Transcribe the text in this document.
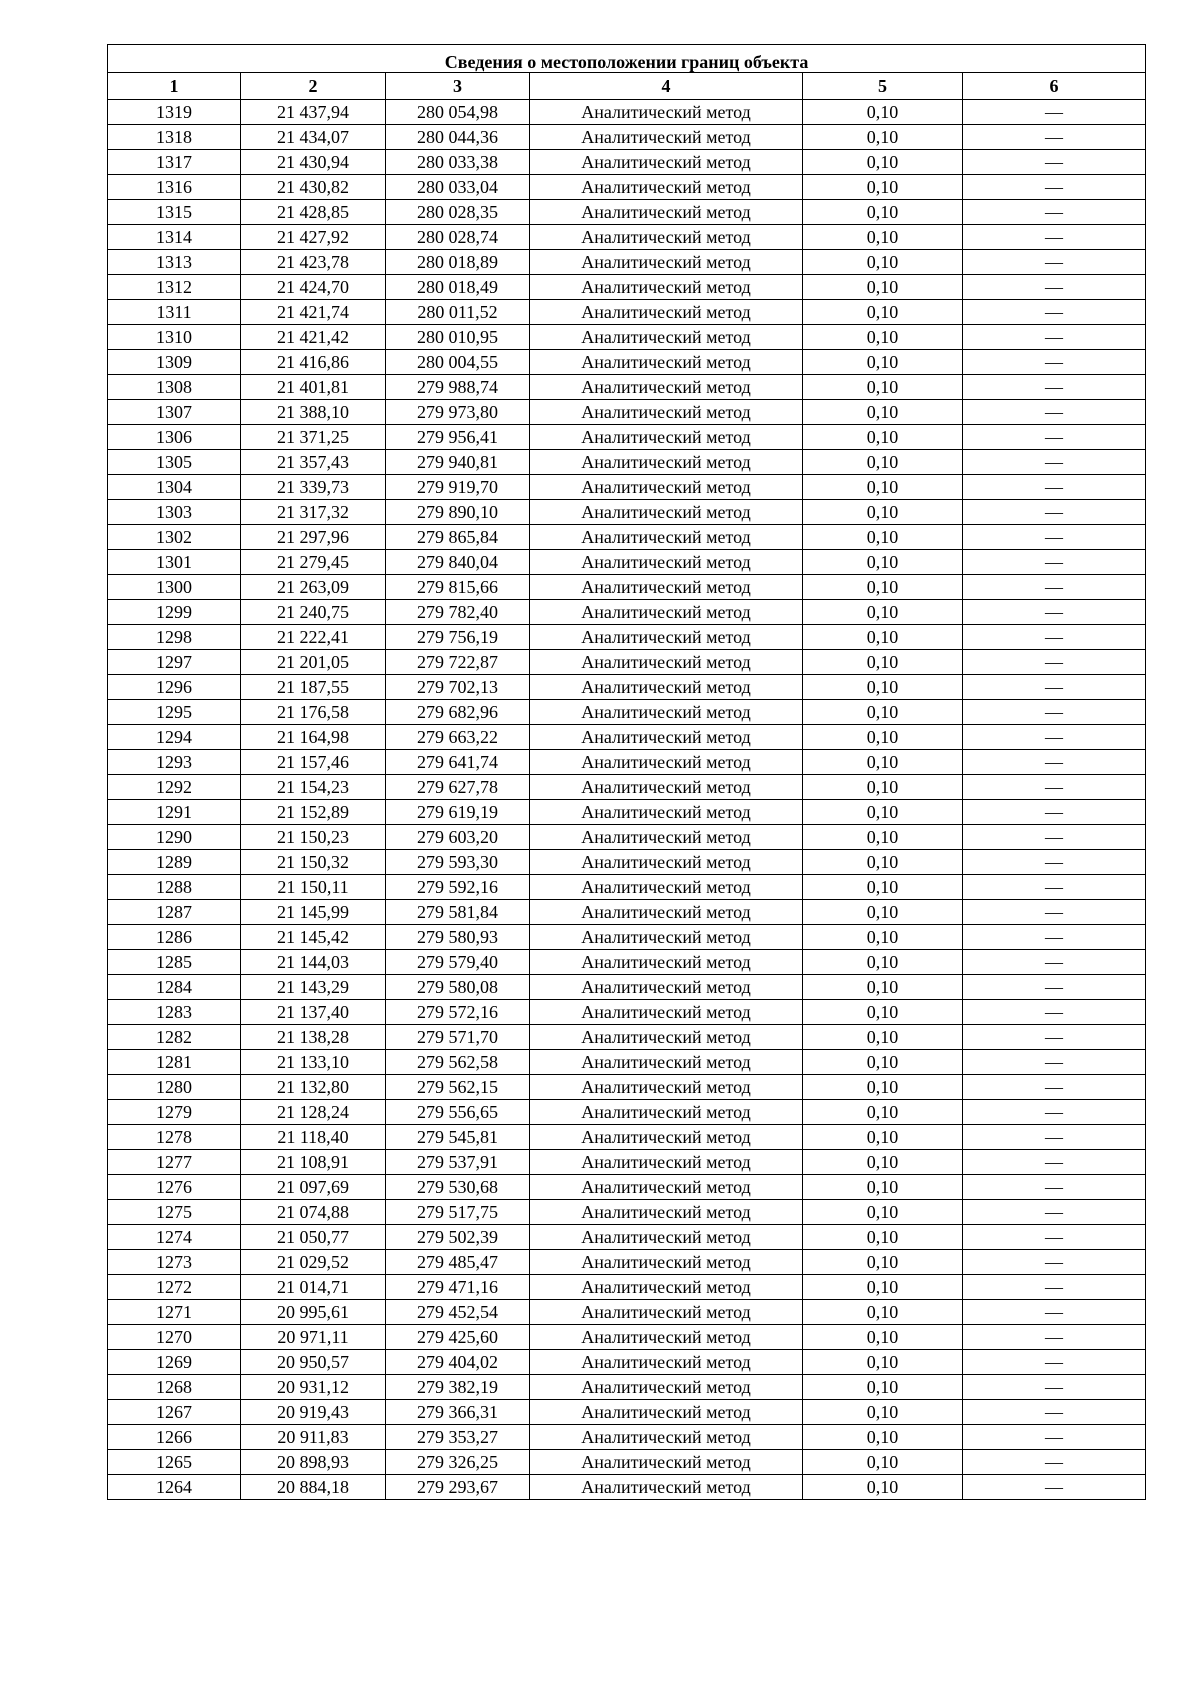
Сведения о местоположении границ объекта					
1	2	3	4	5	6
1319	21 437,94	280 054,98	Аналитический метод	0,10	—
1318	21 434,07	280 044,36	Аналитический метод	0,10	—
1317	21 430,94	280 033,38	Аналитический метод	0,10	—
1316	21 430,82	280 033,04	Аналитический метод	0,10	—
1315	21 428,85	280 028,35	Аналитический метод	0,10	—
1314	21 427,92	280 028,74	Аналитический метод	0,10	—
1313	21 423,78	280 018,89	Аналитический метод	0,10	—
1312	21 424,70	280 018,49	Аналитический метод	0,10	—
1311	21 421,74	280 011,52	Аналитический метод	0,10	—
1310	21 421,42	280 010,95	Аналитический метод	0,10	—
1309	21 416,86	280 004,55	Аналитический метод	0,10	—
1308	21 401,81	279 988,74	Аналитический метод	0,10	—
1307	21 388,10	279 973,80	Аналитический метод	0,10	—
1306	21 371,25	279 956,41	Аналитический метод	0,10	—
1305	21 357,43	279 940,81	Аналитический метод	0,10	—
1304	21 339,73	279 919,70	Аналитический метод	0,10	—
1303	21 317,32	279 890,10	Аналитический метод	0,10	—
1302	21 297,96	279 865,84	Аналитический метод	0,10	—
1301	21 279,45	279 840,04	Аналитический метод	0,10	—
1300	21 263,09	279 815,66	Аналитический метод	0,10	—
1299	21 240,75	279 782,40	Аналитический метод	0,10	—
1298	21 222,41	279 756,19	Аналитический метод	0,10	—
1297	21 201,05	279 722,87	Аналитический метод	0,10	—
1296	21 187,55	279 702,13	Аналитический метод	0,10	—
1295	21 176,58	279 682,96	Аналитический метод	0,10	—
1294	21 164,98	279 663,22	Аналитический метод	0,10	—
1293	21 157,46	279 641,74	Аналитический метод	0,10	—
1292	21 154,23	279 627,78	Аналитический метод	0,10	—
1291	21 152,89	279 619,19	Аналитический метод	0,10	—
1290	21 150,23	279 603,20	Аналитический метод	0,10	—
1289	21 150,32	279 593,30	Аналитический метод	0,10	—
1288	21 150,11	279 592,16	Аналитический метод	0,10	—
1287	21 145,99	279 581,84	Аналитический метод	0,10	—
1286	21 145,42	279 580,93	Аналитический метод	0,10	—
1285	21 144,03	279 579,40	Аналитический метод	0,10	—
1284	21 143,29	279 580,08	Аналитический метод	0,10	—
1283	21 137,40	279 572,16	Аналитический метод	0,10	—
1282	21 138,28	279 571,70	Аналитический метод	0,10	—
1281	21 133,10	279 562,58	Аналитический метод	0,10	—
1280	21 132,80	279 562,15	Аналитический метод	0,10	—
1279	21 128,24	279 556,65	Аналитический метод	0,10	—
1278	21 118,40	279 545,81	Аналитический метод	0,10	—
1277	21 108,91	279 537,91	Аналитический метод	0,10	—
1276	21 097,69	279 530,68	Аналитический метод	0,10	—
1275	21 074,88	279 517,75	Аналитический метод	0,10	—
1274	21 050,77	279 502,39	Аналитический метод	0,10	—
1273	21 029,52	279 485,47	Аналитический метод	0,10	—
1272	21 014,71	279 471,16	Аналитический метод	0,10	—
1271	20 995,61	279 452,54	Аналитический метод	0,10	—
1270	20 971,11	279 425,60	Аналитический метод	0,10	—
1269	20 950,57	279 404,02	Аналитический метод	0,10	—
1268	20 931,12	279 382,19	Аналитический метод	0,10	—
1267	20 919,43	279 366,31	Аналитический метод	0,10	—
1266	20 911,83	279 353,27	Аналитический метод	0,10	—
1265	20 898,93	279 326,25	Аналитический метод	0,10	—
1264	20 884,18	279 293,67	Аналитический метод	0,10	—
